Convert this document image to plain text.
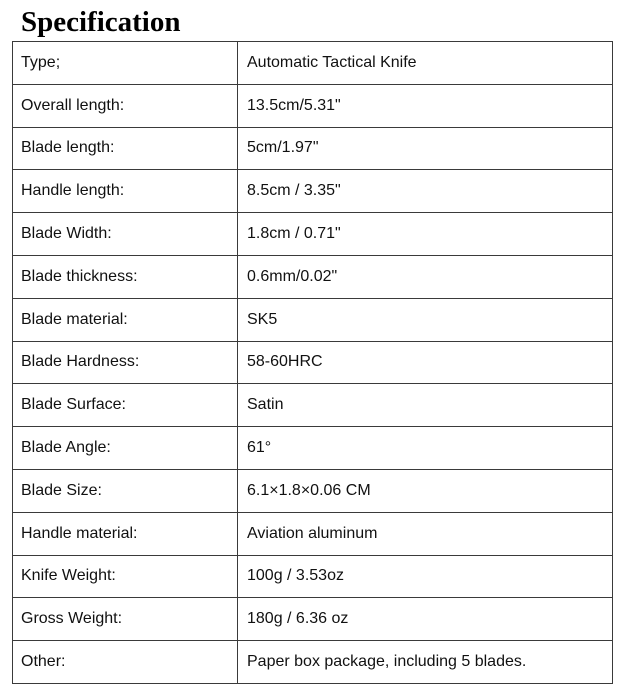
Specification
Type;	Automatic Tactical Knife
Overall length:	13.5cm/5.31"
Blade length:	5cm/1.97"
Handle length:	8.5cm / 3.35"
Blade Width:	1.8cm / 0.71"
Blade thickness:	0.6mm/0.02"
Blade material:	SK5
Blade Hardness:	58-60HRC
Blade Surface:	Satin
Blade Angle:	61°
Blade Size:	6.1×1.8×0.06 CM
Handle material:	Aviation aluminum
Knife Weight:	100g / 3.53oz
Gross Weight:	180g / 6.36 oz
Other:	Paper box package, including 5 blades.
